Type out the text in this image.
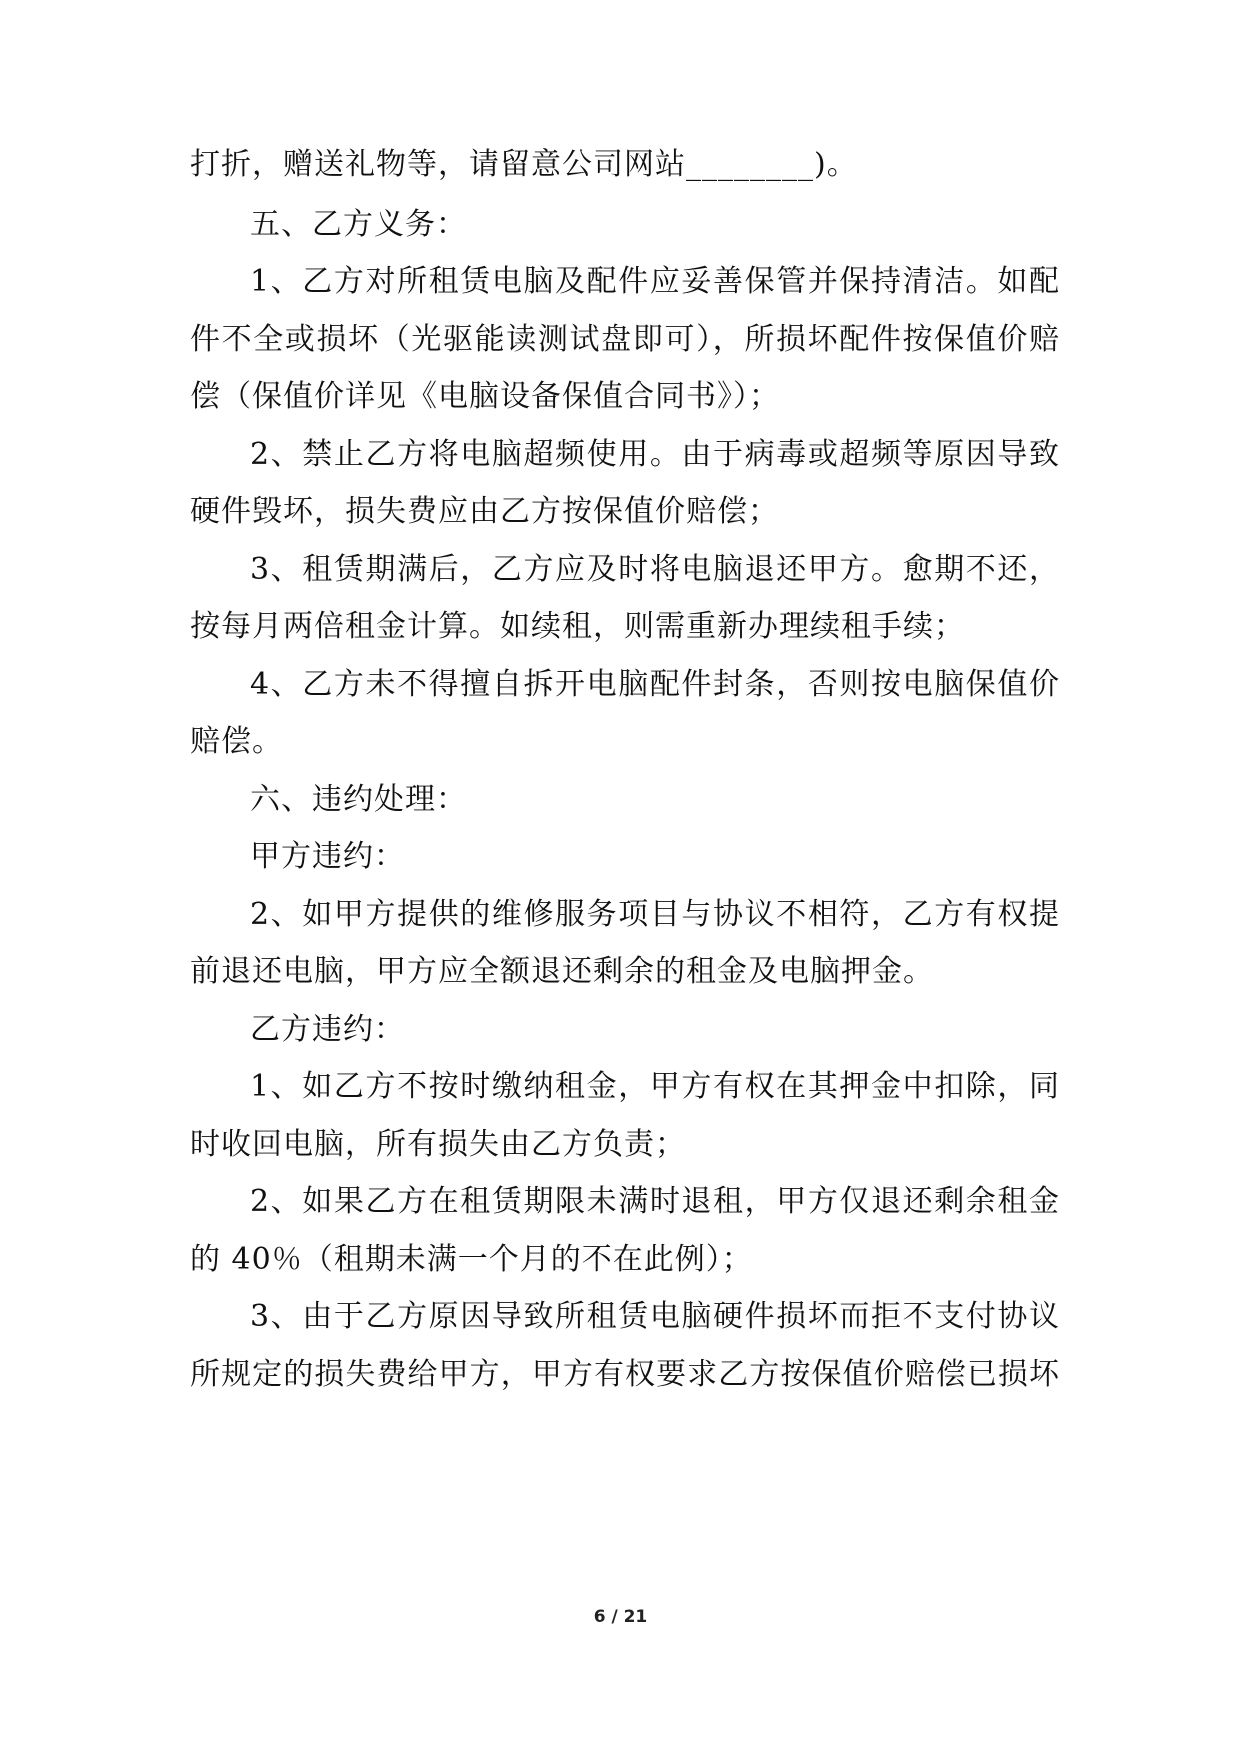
打折，赠送礼物等，请留意公司网站________)。
五、乙方义务：
1、乙方对所租赁电脑及配件应妥善保管并保持清洁。如配
件不全或损坏（光驱能读测试盘即可），所损坏配件按保值价赔
偿（保值价详见《电脑设备保值合同书》）；
2、禁止乙方将电脑超频使用。由于病毒或超频等原因导致
硬件毁坏，损失费应由乙方按保值价赔偿；
3、租赁期满后，乙方应及时将电脑退还甲方。愈期不还，
按每月两倍租金计算。如续租，则需重新办理续租手续；
4、乙方未不得擅自拆开电脑配件封条，否则按电脑保值价
赔偿。
六、违约处理：
甲方违约：
2、如甲方提供的维修服务项目与协议不相符，乙方有权提
前退还电脑，甲方应全额退还剩余的租金及电脑押金。
乙方违约：
1、如乙方不按时缴纳租金，甲方有权在其押金中扣除，同
时收回电脑，所有损失由乙方负责；
2、如果乙方在租赁期限未满时退租，甲方仅退还剩余租金
的 40％（租期未满一个月的不在此例）；
3、由于乙方原因导致所租赁电脑硬件损坏而拒不支付协议
所规定的损失费给甲方，甲方有权要求乙方按保值价赔偿已损坏
6 / 21
